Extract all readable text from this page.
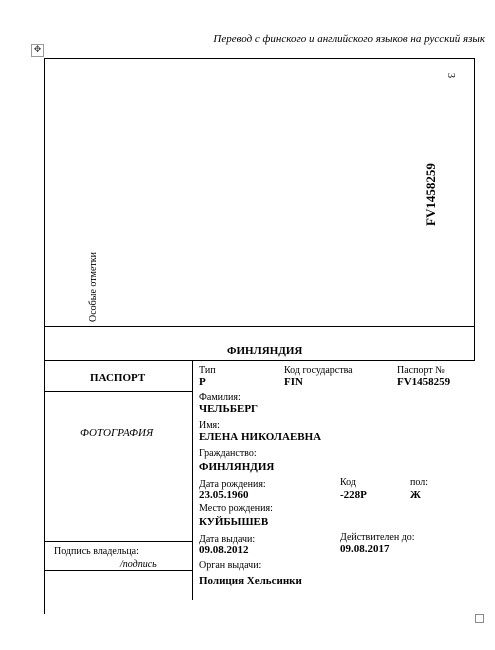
Перевод с финского и английского языков на русский язык
✥
3
FV1458259
Особые отметки
ФИНЛЯНДИЯ
ПАСПОРТ
ФОТОГРАФИЯ
Подпись владельца:
/подпись
Тип
P
Код государства
FIN
Паспорт №
FV1458259
Фамилия:
ЧЕЛЬБЕРГ
Имя:
ЕЛЕНА НИКОЛАЕВНА
Гражданство:
ФИНЛЯНДИЯ
Дата рождения:
23.05.1960
Код
-228P
пол:
Ж
Место рождения:
КУЙБЫШЕВ
Дата выдачи:
09.08.2012
Действителен до:
09.08.2017
Орган выдачи:
Полиция Хельсинки
